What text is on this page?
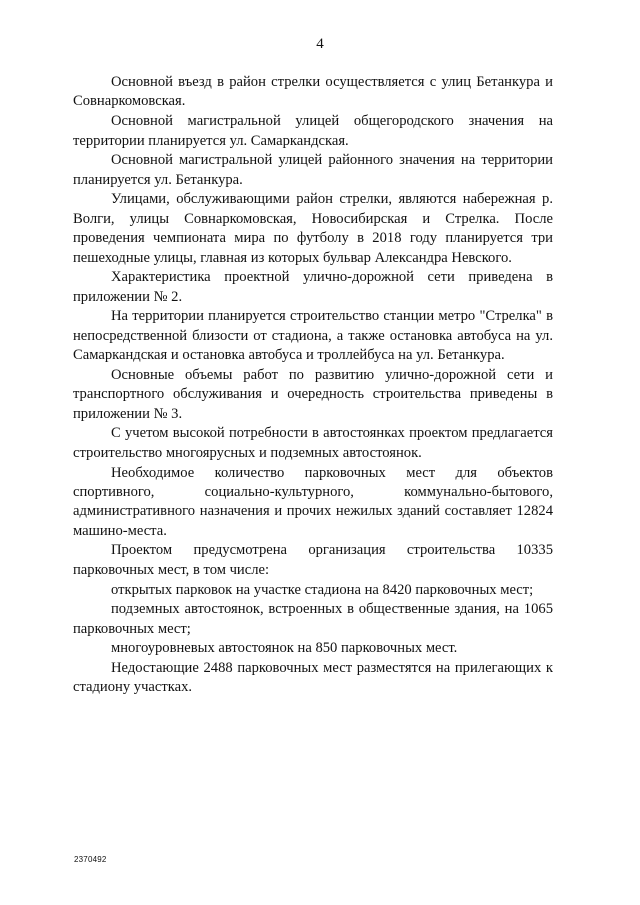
4

Основной въезд в район стрелки осуществляется с улиц Бетанкура и Совнаркомовская.

Основной магистральной улицей общегородского значения на территории планируется ул. Самаркандская.

Основной магистральной улицей районного значения на территории планируется ул. Бетанкура.

Улицами, обслуживающими район стрелки, являются набережная р. Волги, улицы Совнаркомовская, Новосибирская и Стрелка. После проведения чемпионата мира по футболу в 2018 году планируется три пешеходные улицы, главная из которых бульвар Александра Невского.

Характеристика проектной улично-дорожной сети приведена в приложении № 2.

На территории планируется строительство станции метро "Стрелка" в непосредственной близости от стадиона, а также остановка автобуса на ул. Самаркандская и остановка автобуса и троллейбуса на ул. Бетанкура.

Основные объемы работ по развитию улично-дорожной сети и транспортного обслуживания и очередность строительства приведены в приложении № 3.

С учетом высокой потребности в автостоянках проектом предлагается строительство многоярусных и подземных автостоянок.

Необходимое количество парковочных мест для объектов спортивного, социально-культурного, коммунально-бытового, административного назначения и прочих нежилых зданий составляет 12824 машино-места.

Проектом предусмотрена организация строительства 10335 парковочных мест, в том числе:

открытых парковок на участке стадиона на 8420 парковочных мест;

подземных автостоянок, встроенных в общественные здания, на 1065 парковочных мест;

многоуровневых автостоянок на 850 парковочных мест.

Недостающие 2488 парковочных мест разместятся на прилегающих к стадиону участках.

2370492
